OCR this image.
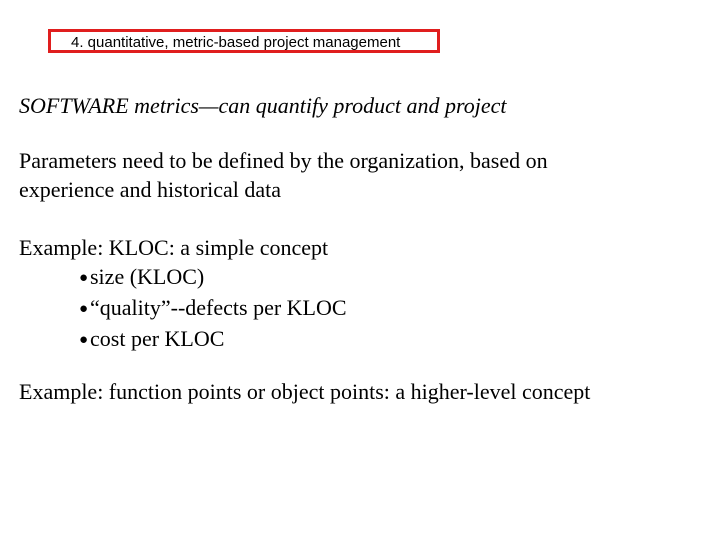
4. quantitative, metric-based project management
SOFTWARE metrics—can quantify product and project
Parameters need to be defined by the organization, based on
experience and historical data
Example: KLOC: a simple concept
●size (KLOC)
●“quality”--defects per KLOC
●cost per KLOC
Example: function points or object points: a higher-level concept
